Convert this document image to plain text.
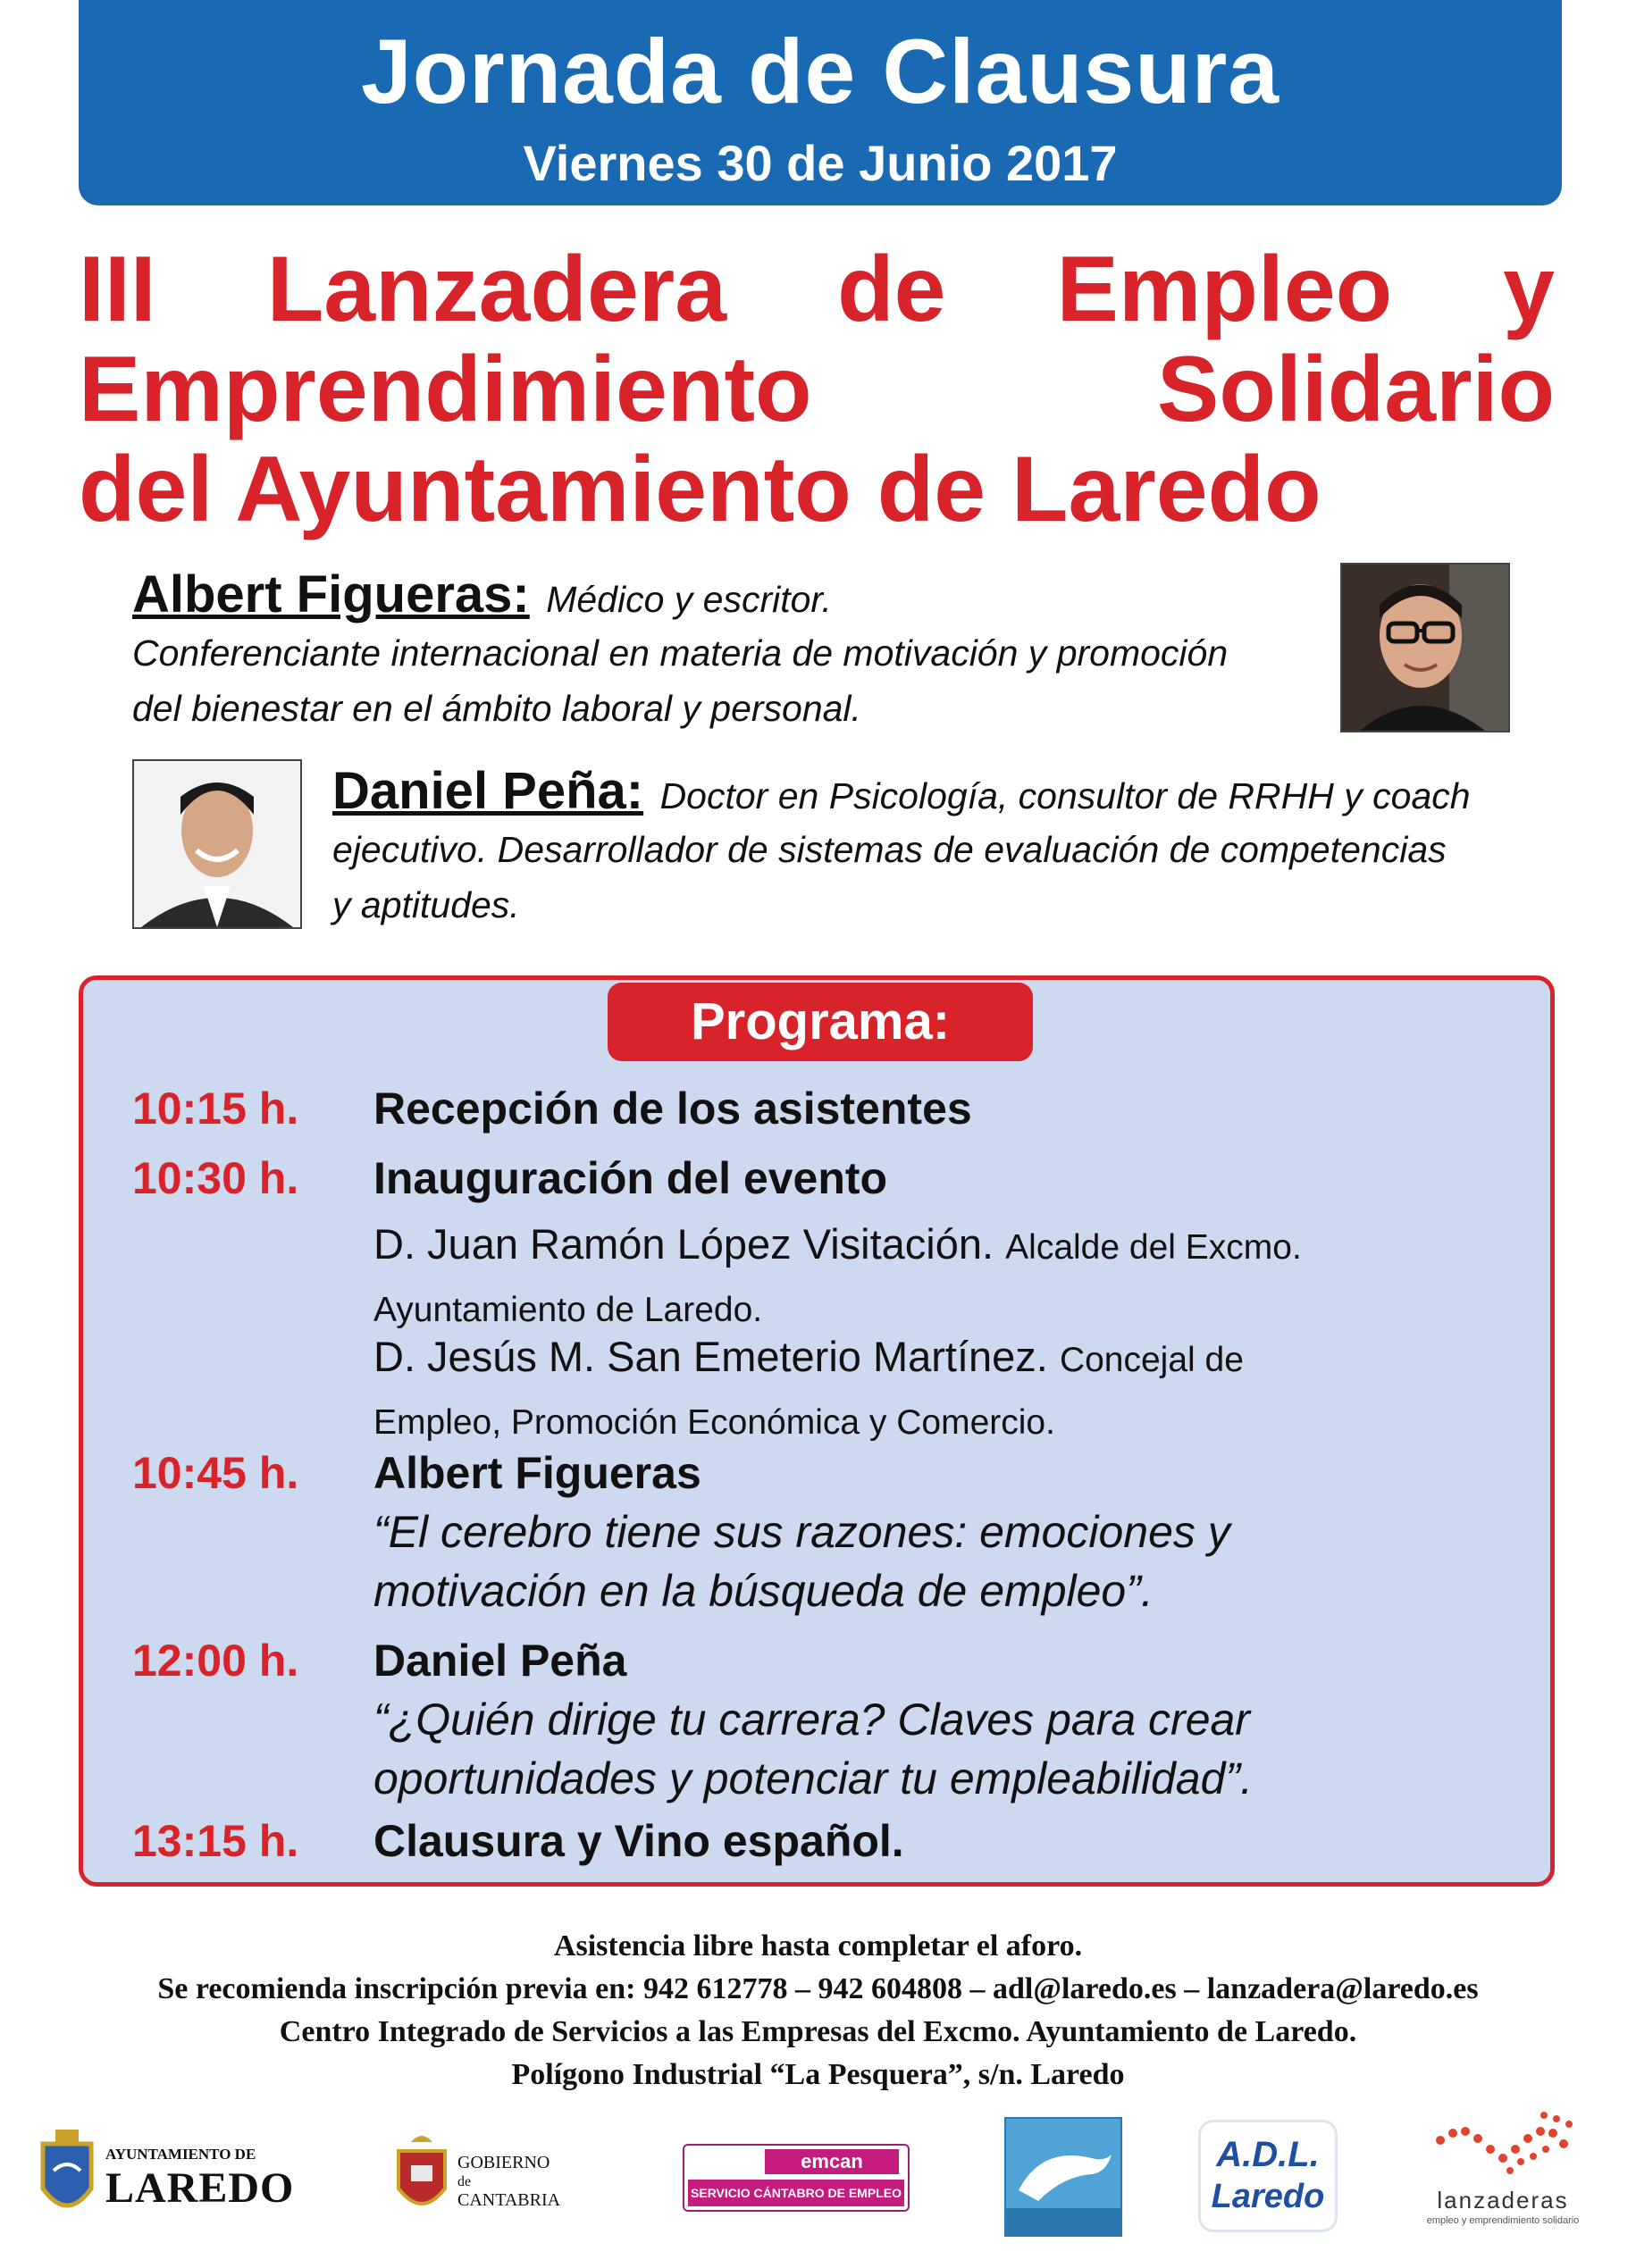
Jornada de Clausura
Viernes 30 de Junio 2017
III Lanzadera de Empleo y
Emprendimiento	Solidario
del Ayuntamiento de Laredo
Albert Figueras: Médico y escritor.
Conferenciante internacional en materia de motivación y promoción
del bienestar en el ámbito laboral y personal.
Daniel Peña: Doctor en Psicología, consultor de RRHH y coach
ejecutivo. Desarrollador de sistemas de evaluación de competencias
y aptitudes.
Programa:
10:15 h. Recepción de los asistentes
10:30 h. Inauguración del evento
D. Juan Ramón López Visitación. Alcalde del Excmo.
Ayuntamiento de Laredo.
D. Jesús M. San Emeterio Martínez. Concejal de
Empleo, Promoción Económica y Comercio.
10:45 h. Albert Figueras
“El cerebro tiene sus razones: emociones y
motivación en la búsqueda de empleo”.
12:00 h. Daniel Peña
“¿Quién dirige tu carrera? Claves para crear
oportunidades y potenciar tu empleabilidad”.
13:15 h. Clausura y Vino español.
Asistencia libre hasta completar el aforo.
Se recomienda inscripción previa en: 942 612778 – 942 604808 – adl@laredo.es – lanzadera@laredo.es
Centro Integrado de Servicios a las Empresas del Excmo. Ayuntamiento de Laredo.
Polígono Industrial “La Pesquera”, s/n. Laredo
AYUNTAMIENTO DE
LAREDO
GOBIERNO
de
CANTABRIA
emcan
SERVICIO CÁNTABRO DE EMPLEO
A.D.L.
Laredo	lanzaderas
empleo y emprendimiento solidario
